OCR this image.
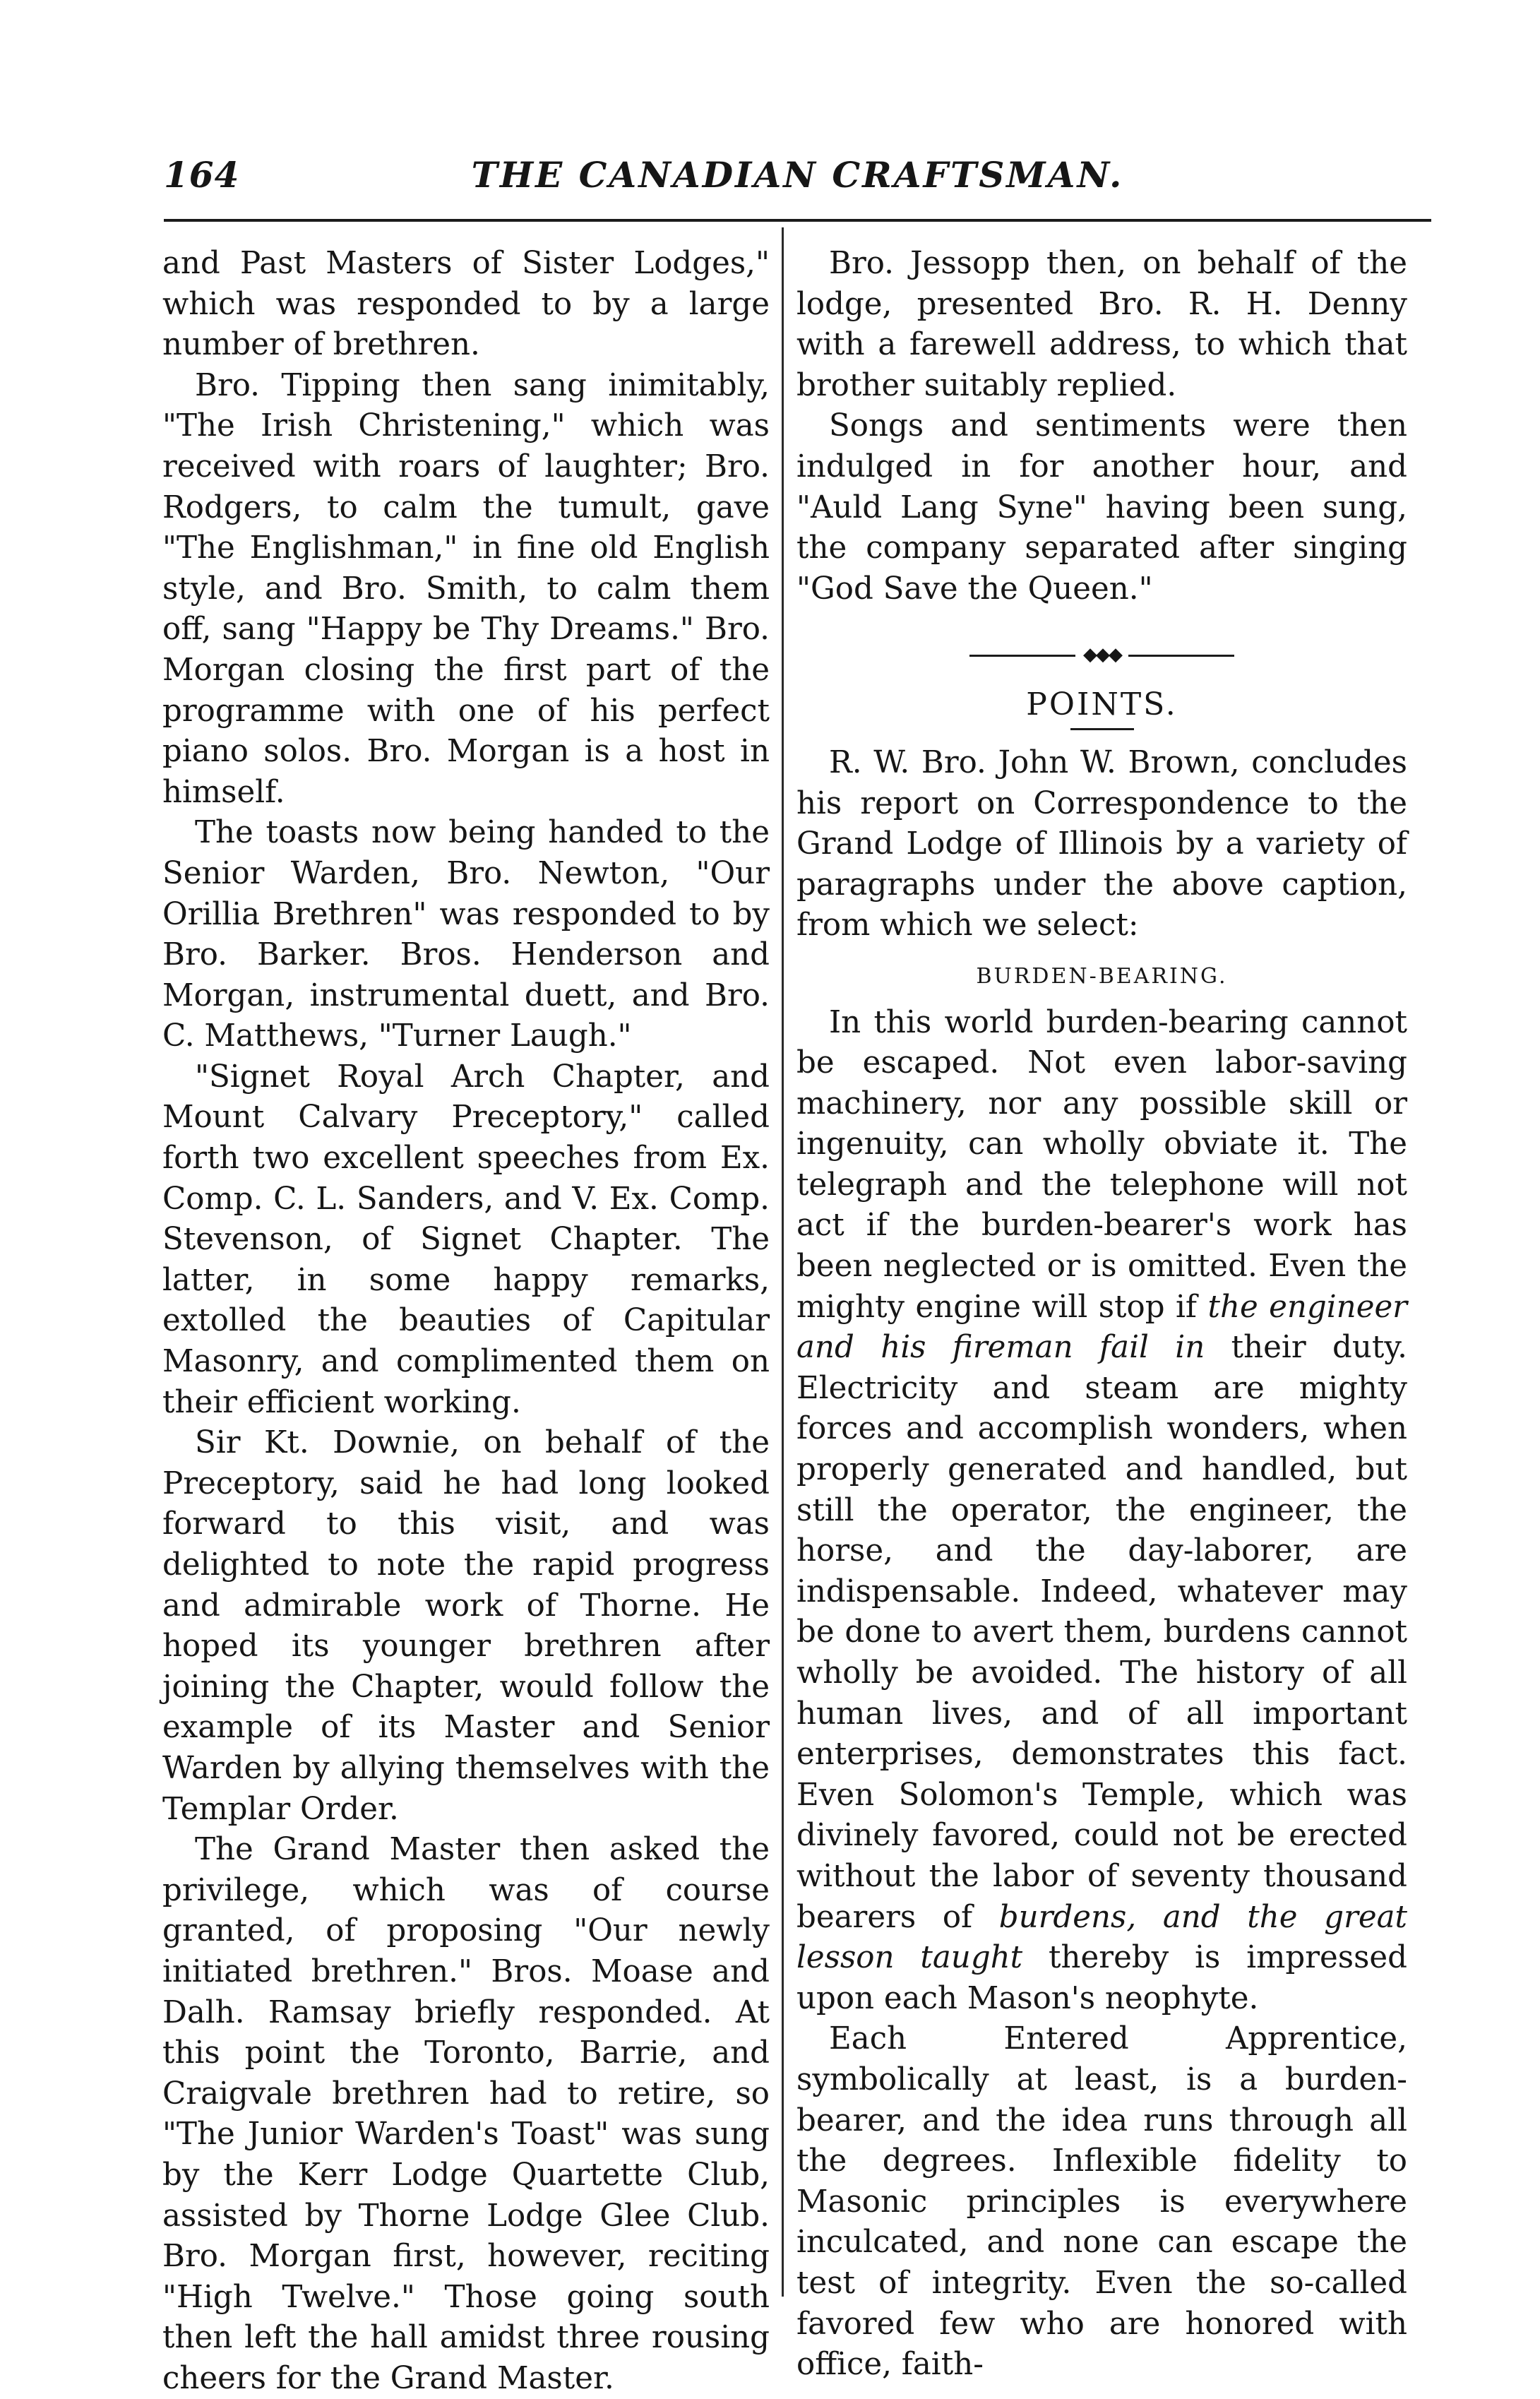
164	THE CANADIAN CRAFTSMAN.

and Past Masters of Sister Lodges," which was responded to by a large number of brethren.

Bro. Tipping then sang inimitably, "The Irish Christening," which was received with roars of laughter; Bro. Rodgers, to calm the tumult, gave "The Englishman," in fine old English style, and Bro. Smith, to calm them off, sang "Happy be Thy Dreams." Bro. Morgan closing the first part of the programme with one of his perfect piano solos. Bro. Morgan is a host in himself.

The toasts now being handed to the Senior Warden, Bro. Newton, "Our Orillia Brethren" was responded to by Bro. Barker. Bros. Henderson and Morgan, instrumental duett, and Bro. C. Matthews, "Turner Laugh."

"Signet Royal Arch Chapter, and Mount Calvary Preceptory," called forth two excellent speeches from Ex. Comp. C. L. Sanders, and V. Ex. Comp. Stevenson, of Signet Chapter. The latter, in some happy remarks, extolled the beauties of Capitular Masonry, and complimented them on their efficient working.

Sir Kt. Downie, on behalf of the Preceptory, said he had long looked forward to this visit, and was delighted to note the rapid progress and admirable work of Thorne. He hoped its younger brethren after joining the Chapter, would follow the example of its Master and Senior Warden by allying themselves with the Templar Order.

The Grand Master then asked the privilege, which was of course granted, of proposing "Our newly initiated brethren." Bros. Moase and Dalh. Ramsay briefly responded. At this point the Toronto, Barrie, and Craigvale brethren had to retire, so "The Junior Warden's Toast" was sung by the Kerr Lodge Quartette Club, assisted by Thorne Lodge Glee Club. Bro. Morgan first, however, reciting "High Twelve." Those going south then left the hall amidst three rousing cheers for the Grand Master.

Bro. Jessopp then, on behalf of the lodge, presented Bro. R. H. Denny with a farewell address, to which that brother suitably replied.

Songs and sentiments were then indulged in for another hour, and "Auld Lang Syne" having been sung, the company separated after singing "God Save the Queen."

◆◆◆
POINTS.

R. W. Bro. John W. Brown, concludes his report on Correspondence to the Grand Lodge of Illinois by a variety of paragraphs under the above caption, from which we select:

BURDEN-BEARING.

In this world burden-bearing cannot be escaped. Not even labor-saving machinery, nor any possible skill or ingenuity, can wholly obviate it. The telegraph and the telephone will not act if the burden-bearer's work has been neglected or is omitted. Even the mighty engine will stop if the engineer and his fireman fail in their duty. Electricity and steam are mighty forces and accomplish wonders, when properly generated and handled, but still the operator, the engineer, the horse, and the day-laborer, are indispensable. Indeed, whatever may be done to avert them, burdens cannot wholly be avoided. The history of all human lives, and of all important enterprises, demonstrates this fact. Even Solomon's Temple, which was divinely favored, could not be erected without the labor of seventy thousand bearers of burdens, and the great lesson taught thereby is impressed upon each Mason's neophyte.

Each Entered Apprentice, symbolically at least, is a burden-bearer, and the idea runs through all the degrees. Inflexible fidelity to Masonic principles is everywhere inculcated, and none can escape the test of integrity. Even the so-called favored few who are honored with office, faith-
